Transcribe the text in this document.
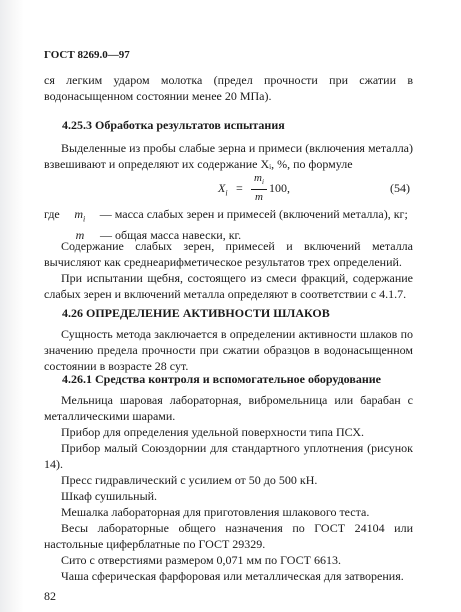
ГОСТ 8269.0—97
ся легким ударом молотка (предел прочности при сжатии в водонасыщенном состоянии менее 20 МПа).
4.25.3 Обработка результатов испытания
Выделенные из пробы слабые зерна и примеси (включения металла) взвешивают и определяют их содержание Xᵢ, %, по формуле
$X_i = \frac{m_i}{m} 100$,	(54)
где $m_i$ — масса слабых зерен и примесей (включений металла), кг;
m — общая масса навески, кг.
Содержание слабых зерен, примесей и включений металла вычисляют как среднеарифметическое результатов трех определений.
При испытании щебня, состоящего из смеси фракций, содержание слабых зерен и включений металла определяют в соответствии с 4.1.7.
4.26 ОПРЕДЕЛЕНИЕ АКТИВНОСТИ ШЛАКОВ
Сущность метода заключается в определении активности шлаков по значению предела прочности при сжатии образцов в водонасыщенном состоянии в возрасте 28 сут.
4.26.1 Средства контроля и вспомогательное оборудование
Мельница шаровая лабораторная, вибромельница или барабан с металлическими шарами.
Прибор для определения удельной поверхности типа ПСХ.
Прибор малый Союздорнии для стандартного уплотнения (рисунок 14).
Пресс гидравлический с усилием от 50 до 500 кН.
Шкаф сушильный.
Мешалка лабораторная для приготовления шлакового теста.
Весы лабораторные общего назначения по ГОСТ 24104 или настольные циферблатные по ГОСТ 29329.
Сито с отверстиями размером 0,071 мм по ГОСТ 6613.
Чаша сферическая фарфоровая или металлическая для затворения.
82
